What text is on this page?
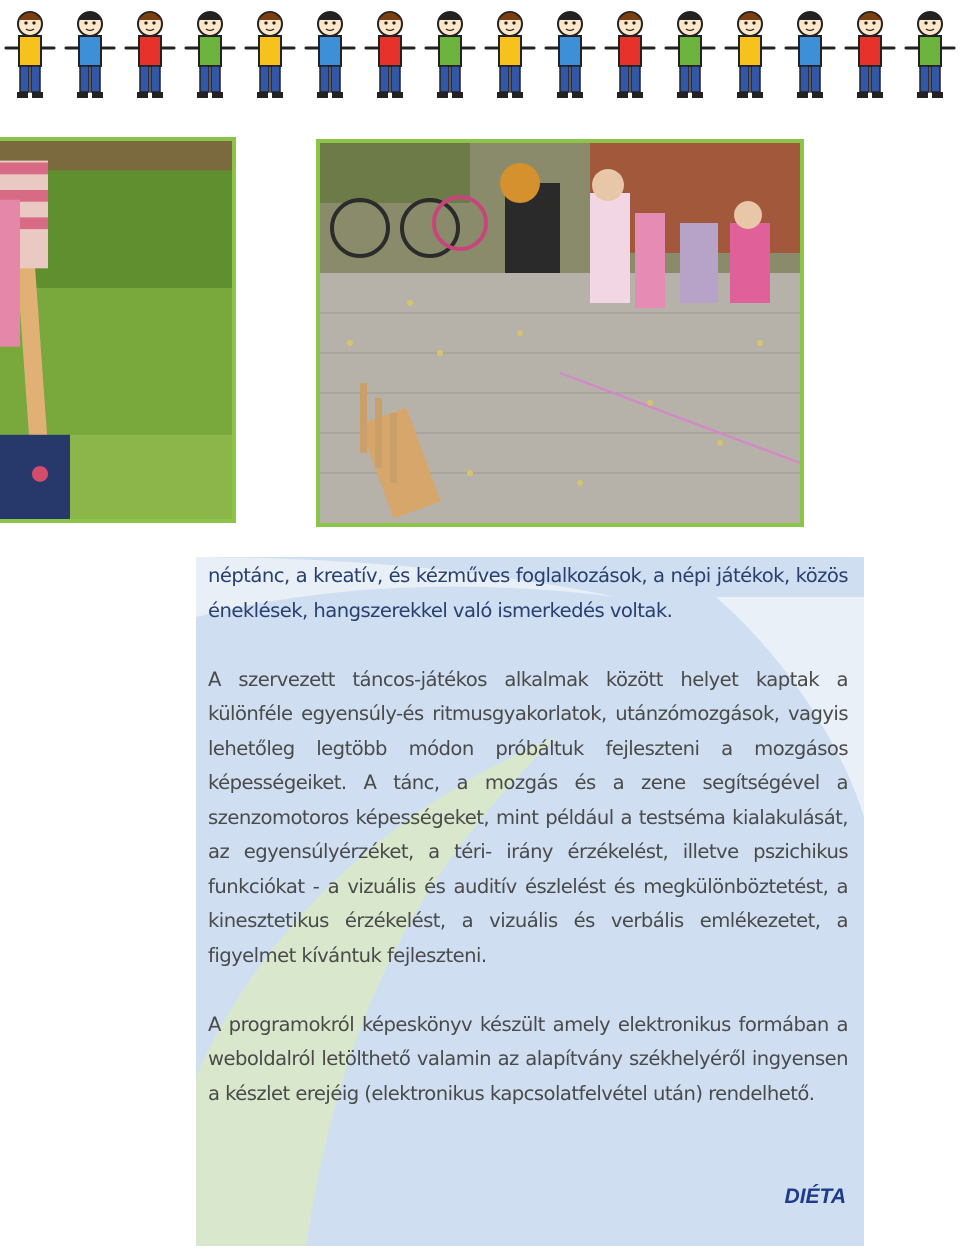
néptánc, a kreatív, és kézműves foglalkozások, a népi játékok, közös éneklések, hangszerekkel való ismerkedés voltak.

A szervezett táncos-játékos alkalmak között helyet kaptak a különféle egyensúly-és ritmusgyakorlatok, utánzómozgások, vagyis lehetőleg legtöbb módon próbáltuk fejleszteni a mozgásos képességeiket. A tánc, a mozgás és a zene segítségével a szenzomotoros képességeket, mint például a testséma kialakulását, az egyensúlyérzéket, a téri- irány érzékelést, illetve pszichikus funkciókat - a vizuális és auditív észlelést és megkülönböztetést, a kinesztetikus érzékelést, a vizuális és verbális emlékezetet, a figyelmet kívántuk fejleszteni.

A programokról képeskönyv készült amely elektronikus formában a weboldalról letölthető valamin az alapítvány székhelyéről ingyensen a készlet erejéig (elektronikus kapcsolatfelvétel után) rendelhető.

DIÉTA
